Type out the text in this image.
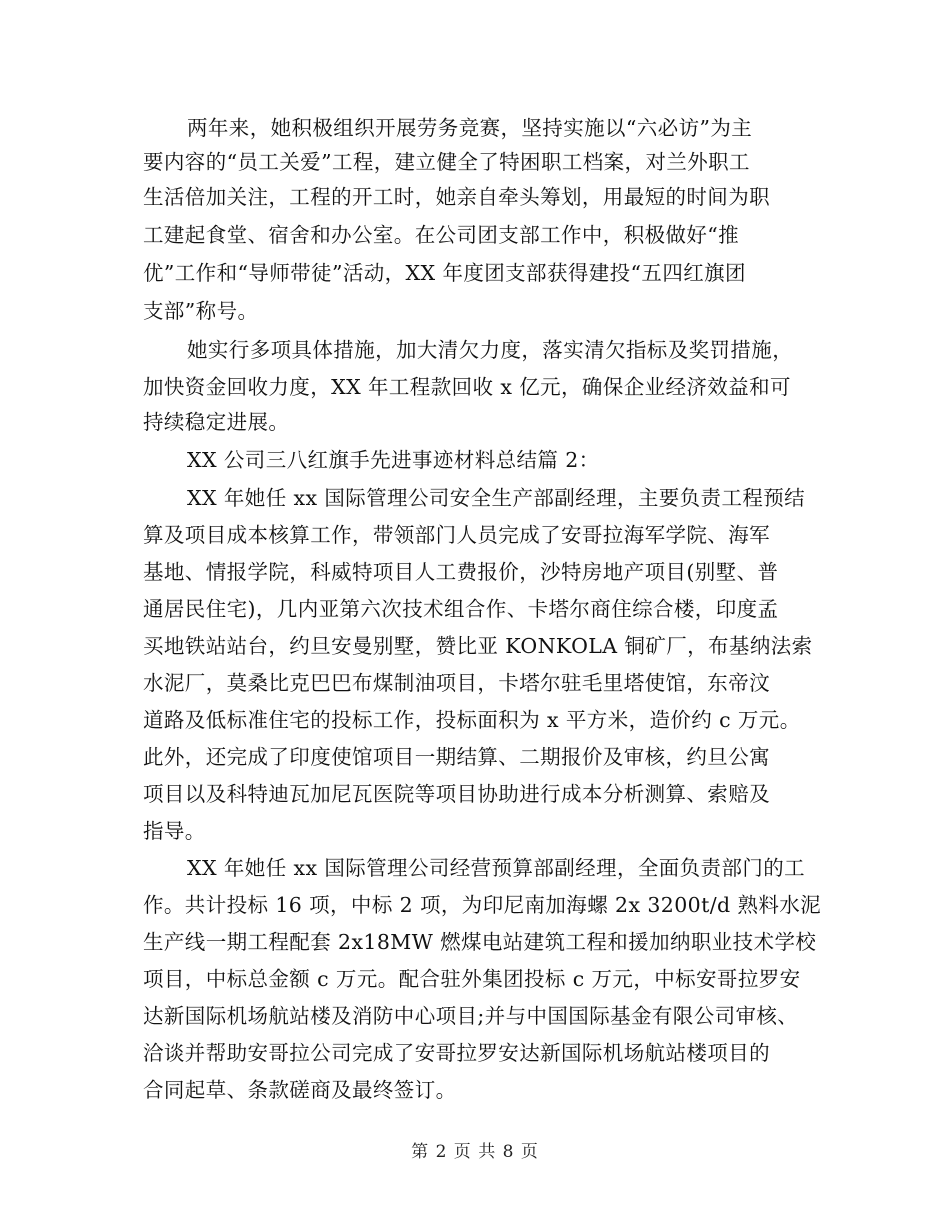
两年来，她积极组织开展劳务竞赛，坚持实施以“六必访”为主
要内容的“员工关爱”工程，建立健全了特困职工档案，对兰外职工
生活倍加关注，工程的开工时，她亲自牵头筹划，用最短的时间为职
工建起食堂、宿舍和办公室。在公司团支部工作中，积极做好“推
优”工作和“导师带徒”活动，XX 年度团支部获得建投“五四红旗团
支部”称号。
她实行多项具体措施，加大清欠力度，落实清欠指标及奖罚措施，
加快资金回收力度，XX 年工程款回收 x 亿元，确保企业经济效益和可
持续稳定进展。
XX 公司三八红旗手先进事迹材料总结篇 2：
XX 年她任 xx 国际管理公司安全生产部副经理，主要负责工程预结
算及项目成本核算工作，带领部门人员完成了安哥拉海军学院、海军
基地、情报学院，科威特项目人工费报价，沙特房地产项目(别墅、普
通居民住宅)，几内亚第六次技术组合作、卡塔尔商住综合楼，印度孟
买地铁站站台，约旦安曼别墅，赞比亚 KONKOLA 铜矿厂，布基纳法索
水泥厂，莫桑比克巴巴布煤制油项目，卡塔尔驻毛里塔使馆，东帝汶
道路及低标准住宅的投标工作，投标面积为 x 平方米，造价约 c 万元。
此外，还完成了印度使馆项目一期结算、二期报价及审核，约旦公寓
项目以及科特迪瓦加尼瓦医院等项目协助进行成本分析测算、索赔及
指导。
XX 年她任 xx 国际管理公司经营预算部副经理，全面负责部门的工
作。共计投标 16 项，中标 2 项，为印尼南加海螺 2x 3200t/d 熟料水泥
生产线一期工程配套 2x18MW 燃煤电站建筑工程和援加纳职业技术学校
项目，中标总金额 c 万元。配合驻外集团投标 c 万元，中标安哥拉罗安
达新国际机场航站楼及消防中心项目;并与中国国际基金有限公司审核、
洽谈并帮助安哥拉公司完成了安哥拉罗安达新国际机场航站楼项目的
合同起草、条款磋商及最终签订。
第 2 页 共 8 页
